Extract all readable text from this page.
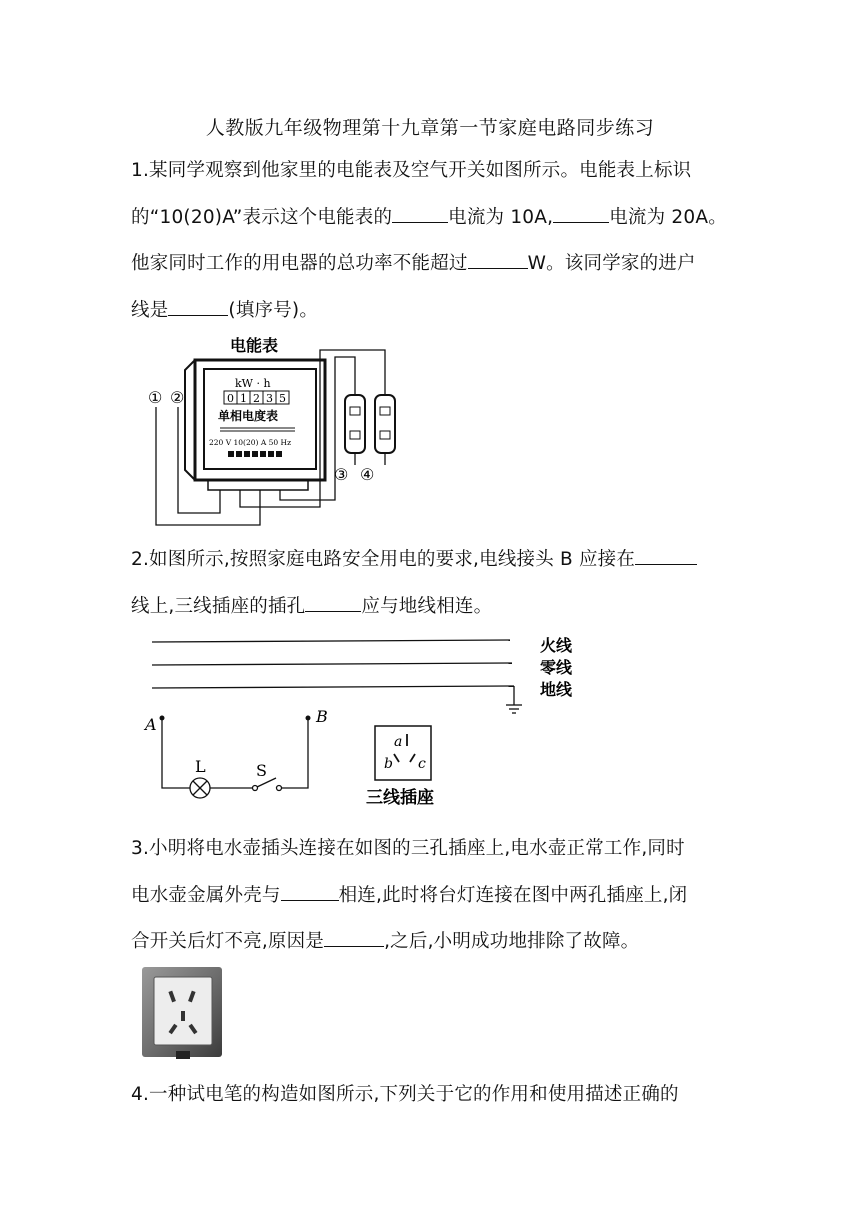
人教版九年级物理第十九章第一节家庭电路同步练习

1.某同学观察到他家里的电能表及空气开关如图所示。电能表上标识

的“10(20)A”表示这个电能表的	电流为 10A,	电流为 20A。

他家同时工作的用电器的总功率不能超过	W。该同学家的进户

线是	(填序号)。

电能表
kW · h
0 1 2 3 5
单相电度表
220 V 10(20) A 50 Hz
① ②
③ ④

2.如图所示,按照家庭电路安全用电的要求,电线接头 B 应接在

线上,三线插座的插孔	应与地线相连。

火线
零线
地线
A	B
L	S
a
b c
三线插座

3.小明将电水壶插头连接在如图的三孔插座上,电水壶正常工作,同时

电水壶金属外壳与	相连,此时将台灯连接在图中两孔插座上,闭

合开关后灯不亮,原因是	,之后,小明成功地排除了故障。

4.一种试电笔的构造如图所示,下列关于它的作用和使用描述正确的
